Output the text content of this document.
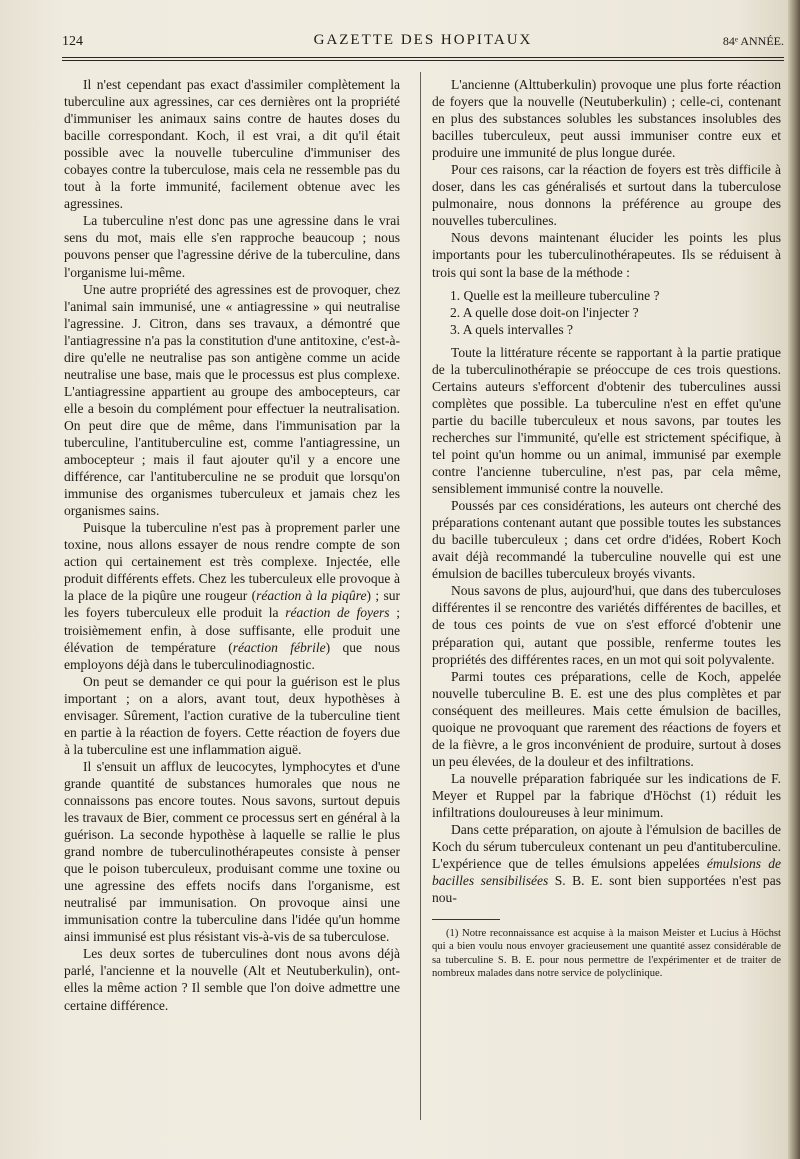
124	GAZETTE DES HOPITAUX	84ᵉ ANNÉE.

Il n'est cependant pas exact d'assimiler complètement la tuberculine aux agressines, car ces dernières ont la propriété d'immuniser les animaux sains contre de hautes doses du bacille correspondant. Koch, il est vrai, a dit qu'il était possible avec la nouvelle tuberculine d'immuniser des cobayes contre la tuberculose, mais cela ne ressemble pas du tout à la forte immunité, facilement obtenue avec les agressines.

La tuberculine n'est donc pas une agressine dans le vrai sens du mot, mais elle s'en rapproche beaucoup ; nous pouvons penser que l'agressine dérive de la tuberculine, dans l'organisme lui-même.

Une autre propriété des agressines est de provoquer, chez l'animal sain immunisé, une « antiagressine » qui neutralise l'agressine. J. Citron, dans ses travaux, a démontré que l'antiagressine n'a pas la constitution d'une antitoxine, c'est-à-dire qu'elle ne neutralise pas son antigène comme un acide neutralise une base, mais que le processus est plus complexe. L'antiagressine appartient au groupe des ambocepteurs, car elle a besoin du complément pour effectuer la neutralisation. On peut dire que de même, dans l'immunisation par la tuberculine, l'antituberculine est, comme l'antiagressine, un ambocepteur ; mais il faut ajouter qu'il y a encore une différence, car l'antituberculine ne se produit que lorsqu'on immunise des organismes tuberculeux et jamais chez les organismes sains.

Puisque la tuberculine n'est pas à proprement parler une toxine, nous allons essayer de nous rendre compte de son action qui certainement est très complexe. Injectée, elle produit différents effets. Chez les tuberculeux elle provoque à la place de la piqûre une rougeur (réaction à la piqûre) ; sur les foyers tuberculeux elle produit la réaction de foyers ; troisièmement enfin, à dose suffisante, elle produit une élévation de température (réaction fébrile) que nous employons déjà dans le tuberculinodiagnostic.

On peut se demander ce qui pour la guérison est le plus important ; on a alors, avant tout, deux hypothèses à envisager. Sûrement, l'action curative de la tuberculine tient en partie à la réaction de foyers. Cette réaction de foyers due à la tuberculine est une inflammation aiguë.

Il s'ensuit un afflux de leucocytes, lymphocytes et d'une grande quantité de substances humorales que nous ne connaissons pas encore toutes. Nous savons, surtout depuis les travaux de Bier, comment ce processus sert en général à la guérison. La seconde hypothèse à laquelle se rallie le plus grand nombre de tuberculinothérapeutes consiste à penser que le poison tuberculeux, produisant comme une toxine ou une agressine des effets nocifs dans l'organisme, est neutralisé par immunisation. On provoque ainsi une immunisation contre la tuberculine dans l'idée qu'un homme ainsi immunisé est plus résistant vis-à-vis de sa tuberculose.

Les deux sortes de tuberculines dont nous avons déjà parlé, l'ancienne et la nouvelle (Alt et Neutuberkulin), ont-elles la même action ? Il semble que l'on doive admettre une certaine différence.

L'ancienne (Alttuberkulin) provoque une plus forte réaction de foyers que la nouvelle (Neutuberkulin) ; celle-ci, contenant en plus des substances solubles les substances insolubles des bacilles tuberculeux, peut aussi immuniser contre eux et produire une immunité de plus longue durée.

Pour ces raisons, car la réaction de foyers est très difficile à doser, dans les cas généralisés et surtout dans la tuberculose pulmonaire, nous donnons la préférence au groupe des nouvelles tuberculines.

Nous devons maintenant élucider les points les plus importants pour les tuberculinothérapeutes. Ils se réduisent à trois qui sont la base de la méthode :

1. Quelle est la meilleure tuberculine ?
2. A quelle dose doit-on l'injecter ?
3. A quels intervalles ?

Toute la littérature récente se rapportant à la partie pratique de la tuberculinothérapie se préoccupe de ces trois questions. Certains auteurs s'efforcent d'obtenir des tuberculines aussi complètes que possible. La tuberculine n'est en effet qu'une partie du bacille tuberculeux et nous savons, par toutes les recherches sur l'immunité, qu'elle est strictement spécifique, à tel point qu'un homme ou un animal, immunisé par exemple contre l'ancienne tuberculine, n'est pas, par cela même, sensiblement immunisé contre la nouvelle.

Poussés par ces considérations, les auteurs ont cherché des préparations contenant autant que possible toutes les substances du bacille tuberculeux ; dans cet ordre d'idées, Robert Koch avait déjà recommandé la tuberculine nouvelle qui est une émulsion de bacilles tuberculeux broyés vivants.

Nous savons de plus, aujourd'hui, que dans des tuberculoses différentes il se rencontre des variétés différentes de bacilles, et de tous ces points de vue on s'est efforcé d'obtenir une préparation qui, autant que possible, renferme toutes les propriétés des différentes races, en un mot qui soit polyvalente.

Parmi toutes ces préparations, celle de Koch, appelée nouvelle tuberculine B. E. est une des plus complètes et par conséquent des meilleures. Mais cette émulsion de bacilles, quoique ne provoquant que rarement des réactions de foyers et de la fièvre, a le gros inconvénient de produire, surtout à doses un peu élevées, de la douleur et des infiltrations.

La nouvelle préparation fabriquée sur les indications de F. Meyer et Ruppel par la fabrique d'Höchst (1) réduit les infiltrations douloureuses à leur minimum.

Dans cette préparation, on ajoute à l'émulsion de bacilles de Koch du sérum tuberculeux contenant un peu d'antituberculine. L'expérience que de telles émulsions appelées émulsions de bacilles sensibilisées S. B. E. sont bien supportées n'est pas nou-

(1) Notre reconnaissance est acquise à la maison Meister et Lucius à Höchst qui a bien voulu nous envoyer gracieusement une quantité assez considérable de sa tuberculine S. B. E. pour nous permettre de l'expérimenter et de traiter de nombreux malades dans notre service de polyclinique.
